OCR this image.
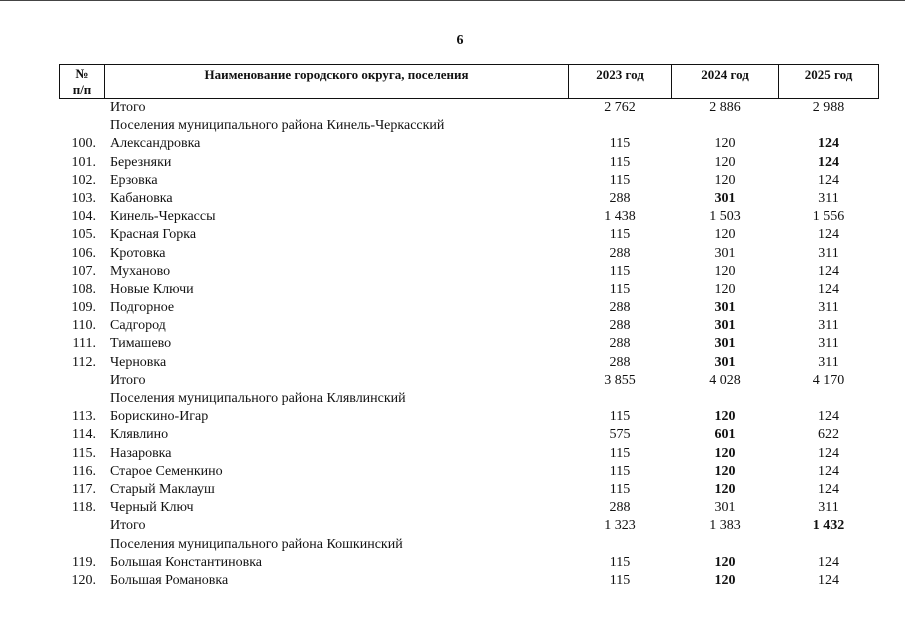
6
№
п/п
Наименование городского округа, поселения	2023 год	2024 год	2025 год
Итого	2 762	2 886	2 988
Поселения муниципального района Кинель-Черкасский
100. Александровка	115	120	124
101. Березняки	115	120	124
102. Ерзовка	115	120	124
103. Кабановка	288	301	311
104. Кинель-Черкассы	1 438	1 503	1 556
105. Красная Горка	115	120	124
106. Кротовка	288	301	311
107. Муханово	115	120	124
108. Новые Ключи	115	120	124
109. Подгорное	288	301	311
110. Садгород	288	301	311
111. Тимашево	288	301	311
112. Черновка	288	301	311
Итого	3 855	4 028	4 170
Поселения муниципального района Клявлинский
113. Борискино-Игар	115	120	124
114. Клявлино	575	601	622
115. Назаровка	115	120	124
116. Старое Семенкино	115	120	124
117. Старый Маклауш	115	120	124
118. Черный Ключ	288	301	311
Итого	1 323	1 383	1 432
Поселения муниципального района Кошкинский
119. Большая Константиновка	115	120	124
120. Большая Романовка	115	120	124
